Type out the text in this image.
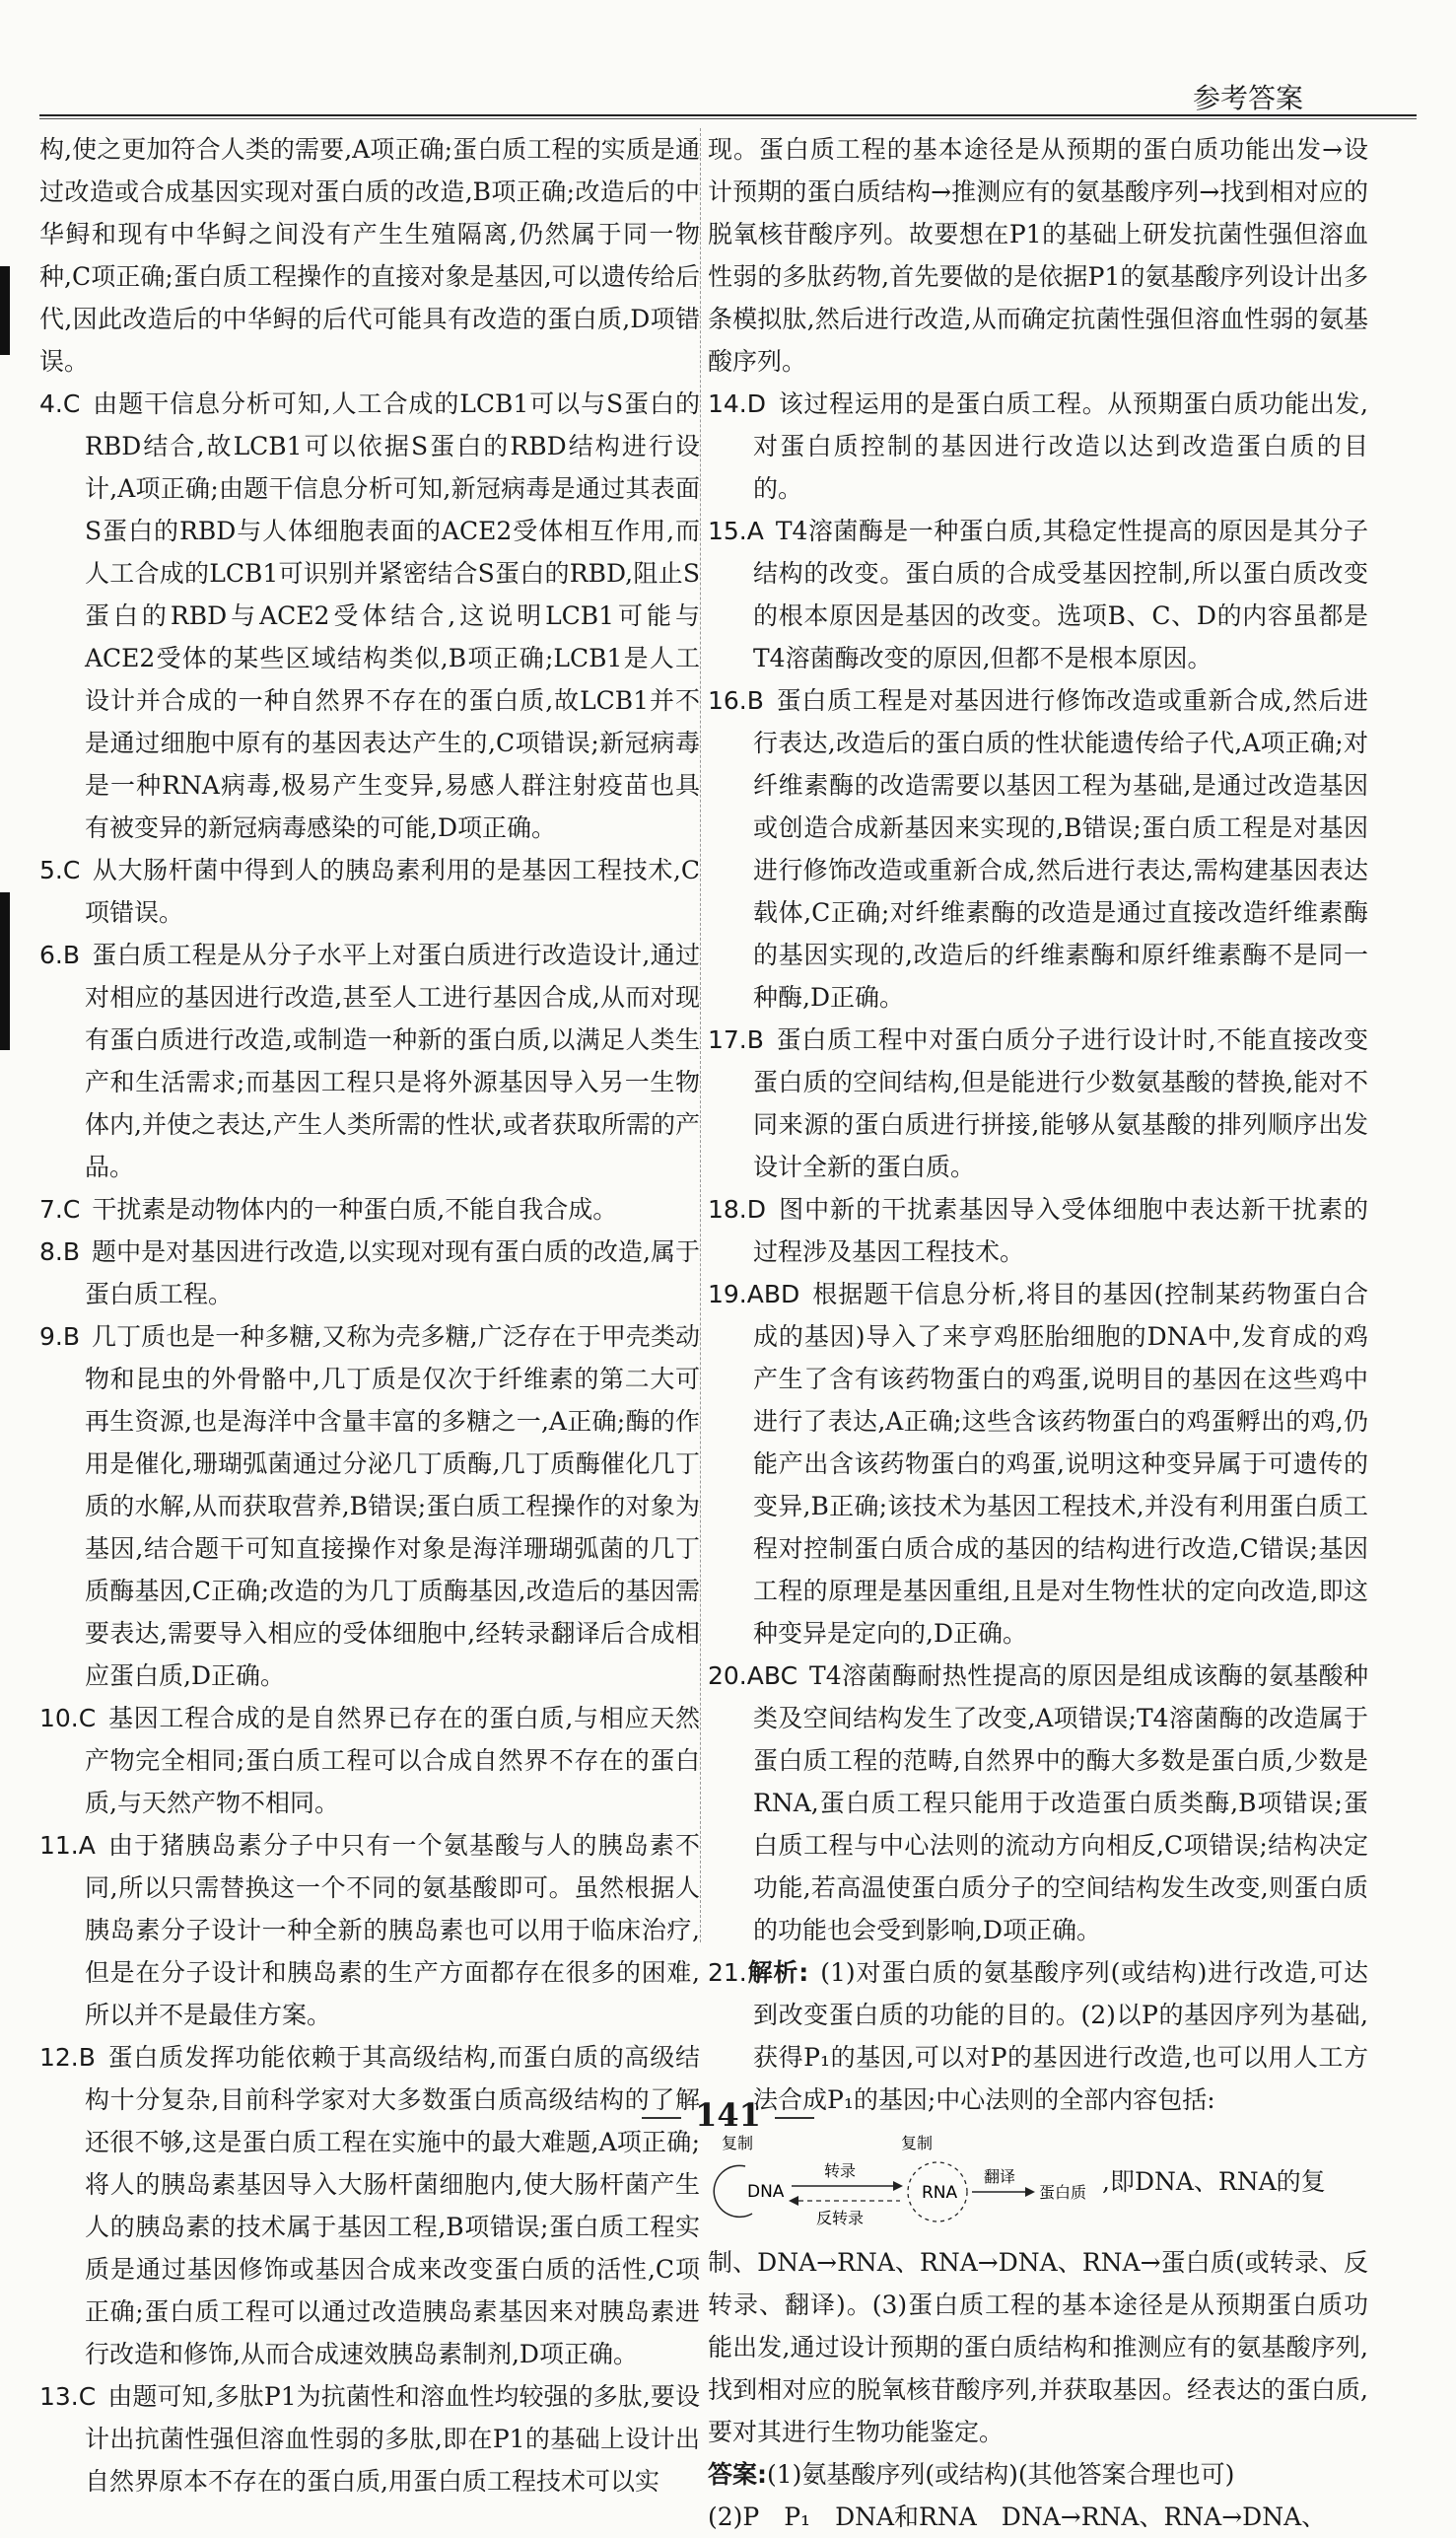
参考答案

构,使之更加符合人类的需要,A项正确;蛋白质工程的实质是通过改造或合成基因实现对蛋白质的改造,B项正确;改造后的中华鲟和现有中华鲟之间没有产生生殖隔离,仍然属于同一物种,C项正确;蛋白质工程操作的直接对象是基因,可以遗传给后代,因此改造后的中华鲟的后代可能具有改造的蛋白质,D项错误。

4.C 由题干信息分析可知,人工合成的LCB1可以与S蛋白的RBD结合,故LCB1可以依据S蛋白的RBD结构进行设计,A项正确;由题干信息分析可知,新冠病毒是通过其表面S蛋白的RBD与人体细胞表面的ACE2受体相互作用,而人工合成的LCB1可识别并紧密结合S蛋白的RBD,阻止S蛋白的RBD与ACE2受体结合,这说明LCB1可能与ACE2受体的某些区域结构类似,B项正确;LCB1是人工设计并合成的一种自然界不存在的蛋白质,故LCB1并不是通过细胞中原有的基因表达产生的,C项错误;新冠病毒是一种RNA病毒,极易产生变异,易感人群注射疫苗也具有被变异的新冠病毒感染的可能,D项正确。

5.C 从大肠杆菌中得到人的胰岛素利用的是基因工程技术,C项错误。

6.B 蛋白质工程是从分子水平上对蛋白质进行改造设计,通过对相应的基因进行改造,甚至人工进行基因合成,从而对现有蛋白质进行改造,或制造一种新的蛋白质,以满足人类生产和生活需求;而基因工程只是将外源基因导入另一生物体内,并使之表达,产生人类所需的性状,或者获取所需的产品。

7.C 干扰素是动物体内的一种蛋白质,不能自我合成。

8.B 题中是对基因进行改造,以实现对现有蛋白质的改造,属于蛋白质工程。

9.B 几丁质也是一种多糖,又称为壳多糖,广泛存在于甲壳类动物和昆虫的外骨骼中,几丁质是仅次于纤维素的第二大可再生资源,也是海洋中含量丰富的多糖之一,A正确;酶的作用是催化,珊瑚弧菌通过分泌几丁质酶,几丁质酶催化几丁质的水解,从而获取营养,B错误;蛋白质工程操作的对象为基因,结合题干可知直接操作对象是海洋珊瑚弧菌的几丁质酶基因,C正确;改造的为几丁质酶基因,改造后的基因需要表达,需要导入相应的受体细胞中,经转录翻译后合成相应蛋白质,D正确。

10.C 基因工程合成的是自然界已存在的蛋白质,与相应天然产物完全相同;蛋白质工程可以合成自然界不存在的蛋白质,与天然产物不相同。

11.A 由于猪胰岛素分子中只有一个氨基酸与人的胰岛素不同,所以只需替换这一个不同的氨基酸即可。虽然根据人胰岛素分子设计一种全新的胰岛素也可以用于临床治疗,但是在分子设计和胰岛素的生产方面都存在很多的困难,所以并不是最佳方案。

12.B 蛋白质发挥功能依赖于其高级结构,而蛋白质的高级结构十分复杂,目前科学家对大多数蛋白质高级结构的了解还很不够,这是蛋白质工程在实施中的最大难题,A项正确;将人的胰岛素基因导入大肠杆菌细胞内,使大肠杆菌产生人的胰岛素的技术属于基因工程,B项错误;蛋白质工程实质是通过基因修饰或基因合成来改变蛋白质的活性,C项正确;蛋白质工程可以通过改造胰岛素基因来对胰岛素进行改造和修饰,从而合成速效胰岛素制剂,D项正确。

13.C 由题可知,多肽P1为抗菌性和溶血性均较强的多肽,要设计出抗菌性强但溶血性弱的多肽,即在P1的基础上设计出自然界原本不存在的蛋白质,用蛋白质工程技术可以实

现。蛋白质工程的基本途径是从预期的蛋白质功能出发→设计预期的蛋白质结构→推测应有的氨基酸序列→找到相对应的脱氧核苷酸序列。故要想在P1的基础上研发抗菌性强但溶血性弱的多肽药物,首先要做的是依据P1的氨基酸序列设计出多条模拟肽,然后进行改造,从而确定抗菌性强但溶血性弱的氨基酸序列。

14.D 该过程运用的是蛋白质工程。从预期蛋白质功能出发,对蛋白质控制的基因进行改造以达到改造蛋白质的目的。

15.A T4溶菌酶是一种蛋白质,其稳定性提高的原因是其分子结构的改变。蛋白质的合成受基因控制,所以蛋白质改变的根本原因是基因的改变。选项B、C、D的内容虽都是T4溶菌酶改变的原因,但都不是根本原因。

16.B 蛋白质工程是对基因进行修饰改造或重新合成,然后进行表达,改造后的蛋白质的性状能遗传给子代,A项正确;对纤维素酶的改造需要以基因工程为基础,是通过改造基因或创造合成新基因来实现的,B错误;蛋白质工程是对基因进行修饰改造或重新合成,然后进行表达,需构建基因表达载体,C正确;对纤维素酶的改造是通过直接改造纤维素酶的基因实现的,改造后的纤维素酶和原纤维素酶不是同一种酶,D正确。

17.B 蛋白质工程中对蛋白质分子进行设计时,不能直接改变蛋白质的空间结构,但是能进行少数氨基酸的替换,能对不同来源的蛋白质进行拼接,能够从氨基酸的排列顺序出发设计全新的蛋白质。

18.D 图中新的干扰素基因导入受体细胞中表达新干扰素的过程涉及基因工程技术。

19.ABD 根据题干信息分析,将目的基因(控制某药物蛋白合成的基因)导入了来亨鸡胚胎细胞的DNA中,发育成的鸡产生了含有该药物蛋白的鸡蛋,说明目的基因在这些鸡中进行了表达,A正确;这些含该药物蛋白的鸡蛋孵出的鸡,仍能产出含该药物蛋白的鸡蛋,说明这种变异属于可遗传的变异,B正确;该技术为基因工程技术,并没有利用蛋白质工程对控制蛋白质合成的基因的结构进行改造,C错误;基因工程的原理是基因重组,且是对生物性状的定向改造,即这种变异是定向的,D正确。

20.ABC T4溶菌酶耐热性提高的原因是组成该酶的氨基酸种类及空间结构发生了改变,A项错误;T4溶菌酶的改造属于蛋白质工程的范畴,自然界中的酶大多数是蛋白质,少数是RNA,蛋白质工程只能用于改造蛋白质类酶,B项错误;蛋白质工程与中心法则的流动方向相反,C项错误;结构决定功能,若高温使蛋白质分子的空间结构发生改变,则蛋白质的功能也会受到影响,D项正确。

21.解析: (1)对蛋白质的氨基酸序列(或结构)进行改造,可达到改变蛋白质的功能的目的。(2)以P的基因序列为基础,获得P₁的基因,可以对P的基因进行改造,也可以用人工方法合成P₁的基因;中心法则的全部内容包括:

复制
DNA
转录
反转录
复制
RNA
翻译
蛋白质 ,即DNA、RNA的复

制、DNA→RNA、RNA→DNA、RNA→蛋白质(或转录、反转录、翻译)。(3)蛋白质工程的基本途径是从预期蛋白质功能出发,通过设计预期的蛋白质结构和推测应有的氨基酸序列,找到相对应的脱氧核苷酸序列,并获取基因。经表达的蛋白质,要对其进行生物功能鉴定。

答案:(1)氨基酸序列(或结构)(其他答案合理也可)

(2)P　P₁　DNA和RNA　DNA→RNA、RNA→DNA、

141
